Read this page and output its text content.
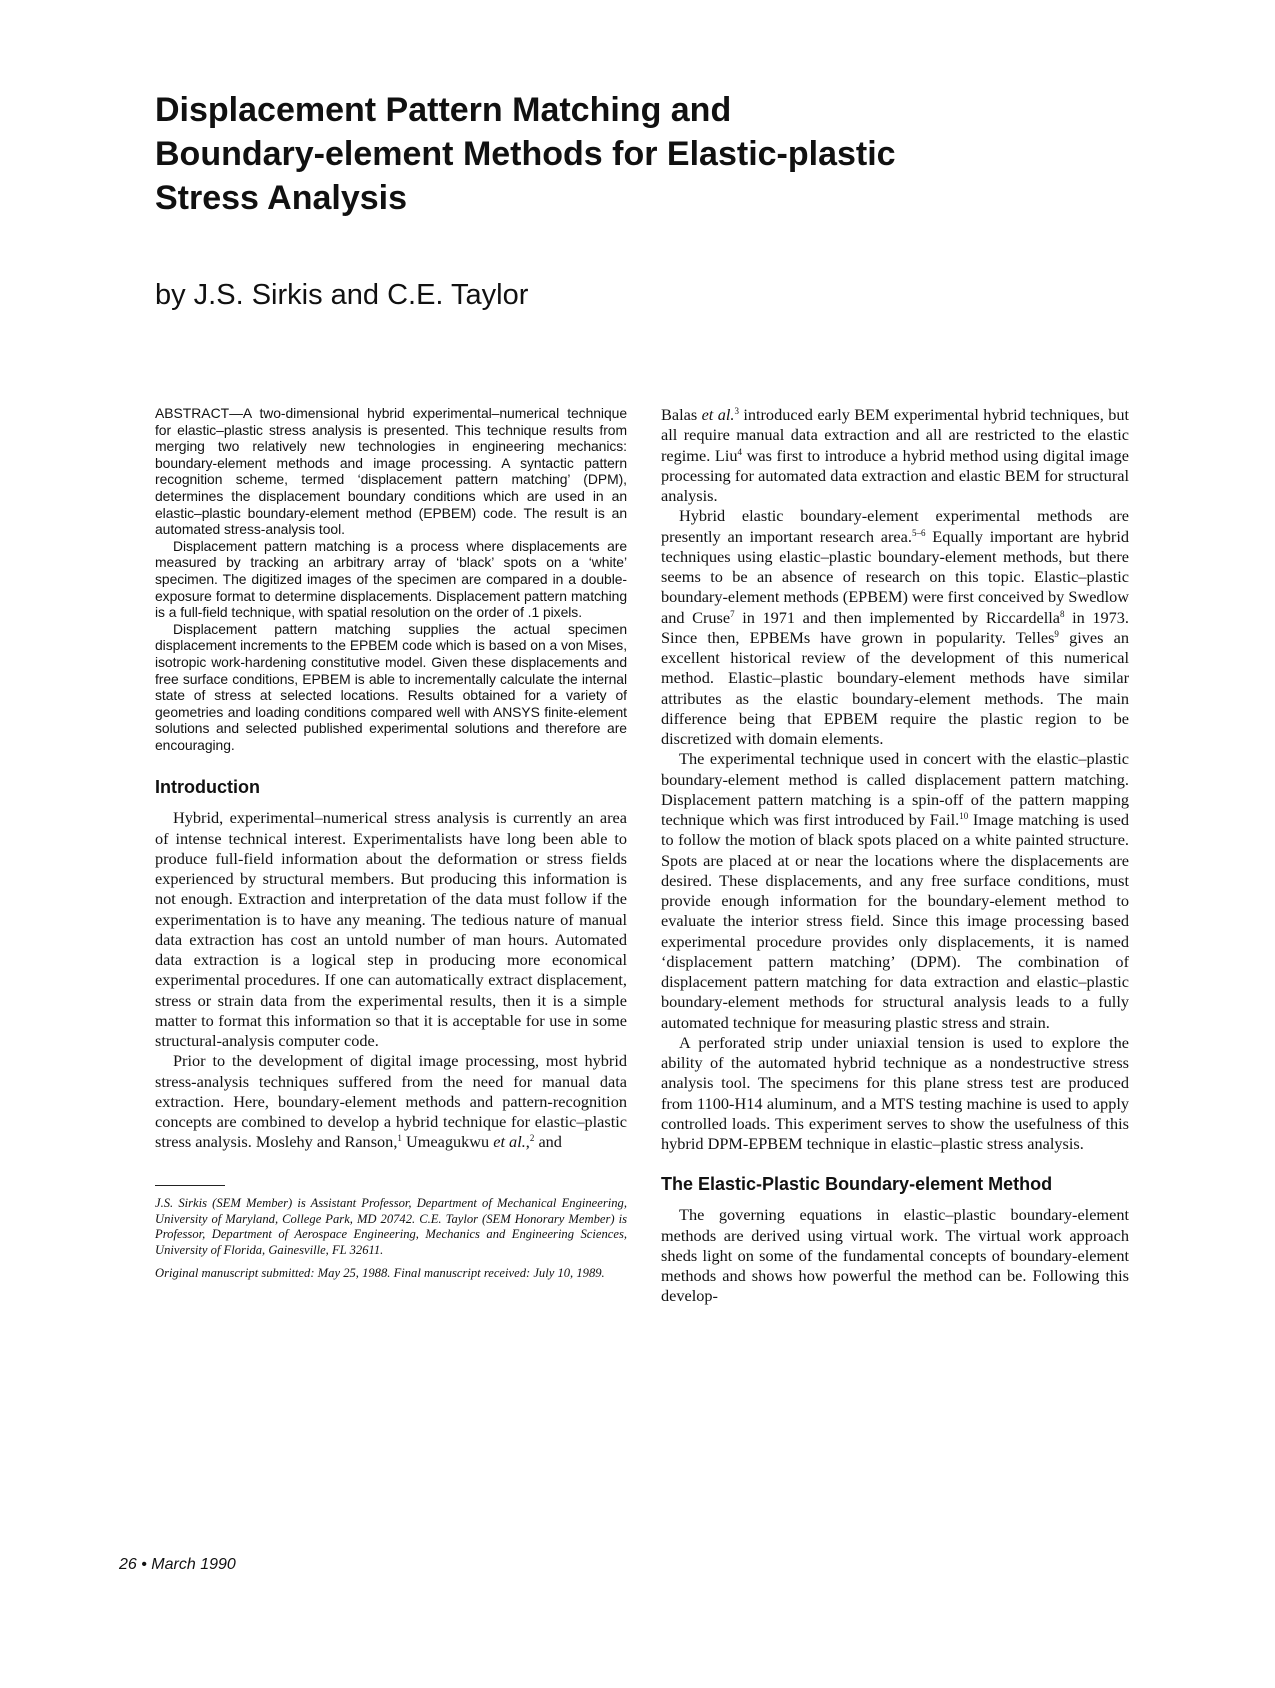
Displacement Pattern Matching and
Boundary-element Methods for Elastic-plastic
Stress Analysis
by J.S. Sirkis and C.E. Taylor

ABSTRACT—A two-dimensional hybrid experimental–numerical technique for elastic–plastic stress analysis is presented. This technique results from merging two relatively new technologies in engineering mechanics: boundary-element methods and image processing. A syntactic pattern recognition scheme, termed ‘displacement pattern matching’ (DPM), determines the displacement boundary conditions which are used in an elastic–plastic boundary-element method (EPBEM) code. The result is an automated stress-analysis tool.

Displacement pattern matching is a process where displacements are measured by tracking an arbitrary array of ‘black’ spots on a ‘white’ specimen. The digitized images of the specimen are compared in a double-exposure format to determine displacements. Displacement pattern matching is a full-field technique, with spatial resolution on the order of .1 pixels.

Displacement pattern matching supplies the actual specimen displacement increments to the EPBEM code which is based on a von Mises, isotropic work-hardening constitutive model. Given these displacements and free surface conditions, EPBEM is able to incrementally calculate the internal state of stress at selected locations. Results obtained for a variety of geometries and loading conditions compared well with ANSYS finite-element solutions and selected published experimental solutions and therefore are encouraging.

Introduction

Hybrid, experimental–numerical stress analysis is currently an area of intense technical interest. Experimentalists have long been able to produce full-field information about the deformation or stress fields experienced by structural members. But producing this information is not enough. Extraction and interpretation of the data must follow if the experimentation is to have any meaning. The tedious nature of manual data extraction has cost an untold number of man hours. Automated data extraction is a logical step in producing more economical experimental procedures. If one can automatically extract displacement, stress or strain data from the experimental results, then it is a simple matter to format this information so that it is acceptable for use in some structural-analysis computer code.

Prior to the development of digital image processing, most hybrid stress-analysis techniques suffered from the need for manual data extraction. Here, boundary-element methods and pattern-recognition concepts are combined to develop a hybrid technique for elastic–plastic stress analysis. Moslehy and Ranson,$^1$ Umeagukwu et al.,$^2$ and

J.S. Sirkis (SEM Member) is Assistant Professor, Department of Mechanical Engineering, University of Maryland, College Park, MD 20742. C.E. Taylor (SEM Honorary Member) is Professor, Department of Aerospace Engineering, Mechanics and Engineering Sciences, University of Florida, Gainesville, FL 32611.

Original manuscript submitted: May 25, 1988. Final manuscript received: July 10, 1989.

Balas et al.$^3$ introduced early BEM experimental hybrid techniques, but all require manual data extraction and all are restricted to the elastic regime. Liu$^4$ was first to introduce a hybrid method using digital image processing for automated data extraction and elastic BEM for structural analysis.

Hybrid elastic boundary-element experimental methods are presently an important research area.$^{5-6}$ Equally important are hybrid techniques using elastic–plastic boundary-element methods, but there seems to be an absence of research on this topic. Elastic–plastic boundary-element methods (EPBEM) were first conceived by Swedlow and Cruse$^7$ in 1971 and then implemented by Riccardella$^8$ in 1973. Since then, EPBEMs have grown in popularity. Telles$^9$ gives an excellent historical review of the development of this numerical method. Elastic–plastic boundary-element methods have similar attributes as the elastic boundary-element methods. The main difference being that EPBEM require the plastic region to be discretized with domain elements.

The experimental technique used in concert with the elastic–plastic boundary-element method is called displacement pattern matching. Displacement pattern matching is a spin-off of the pattern mapping technique which was first introduced by Fail.$^{10}$ Image matching is used to follow the motion of black spots placed on a white painted structure. Spots are placed at or near the locations where the displacements are desired. These displacements, and any free surface conditions, must provide enough information for the boundary-element method to evaluate the interior stress field. Since this image processing based experimental procedure provides only displacements, it is named ‘displacement pattern matching’ (DPM). The combination of displacement pattern matching for data extraction and elastic–plastic boundary-element methods for structural analysis leads to a fully automated technique for measuring plastic stress and strain.

A perforated strip under uniaxial tension is used to explore the ability of the automated hybrid technique as a nondestructive stress analysis tool. The specimens for this plane stress test are produced from 1100-H14 aluminum, and a MTS testing machine is used to apply controlled loads. This experiment serves to show the usefulness of this hybrid DPM-EPBEM technique in elastic–plastic stress analysis.

The Elastic-Plastic Boundary-element Method

The governing equations in elastic–plastic boundary-element methods are derived using virtual work. The virtual work approach sheds light on some of the fundamental concepts of boundary-element methods and shows how powerful the method can be. Following this develop-

26 • March 1990
